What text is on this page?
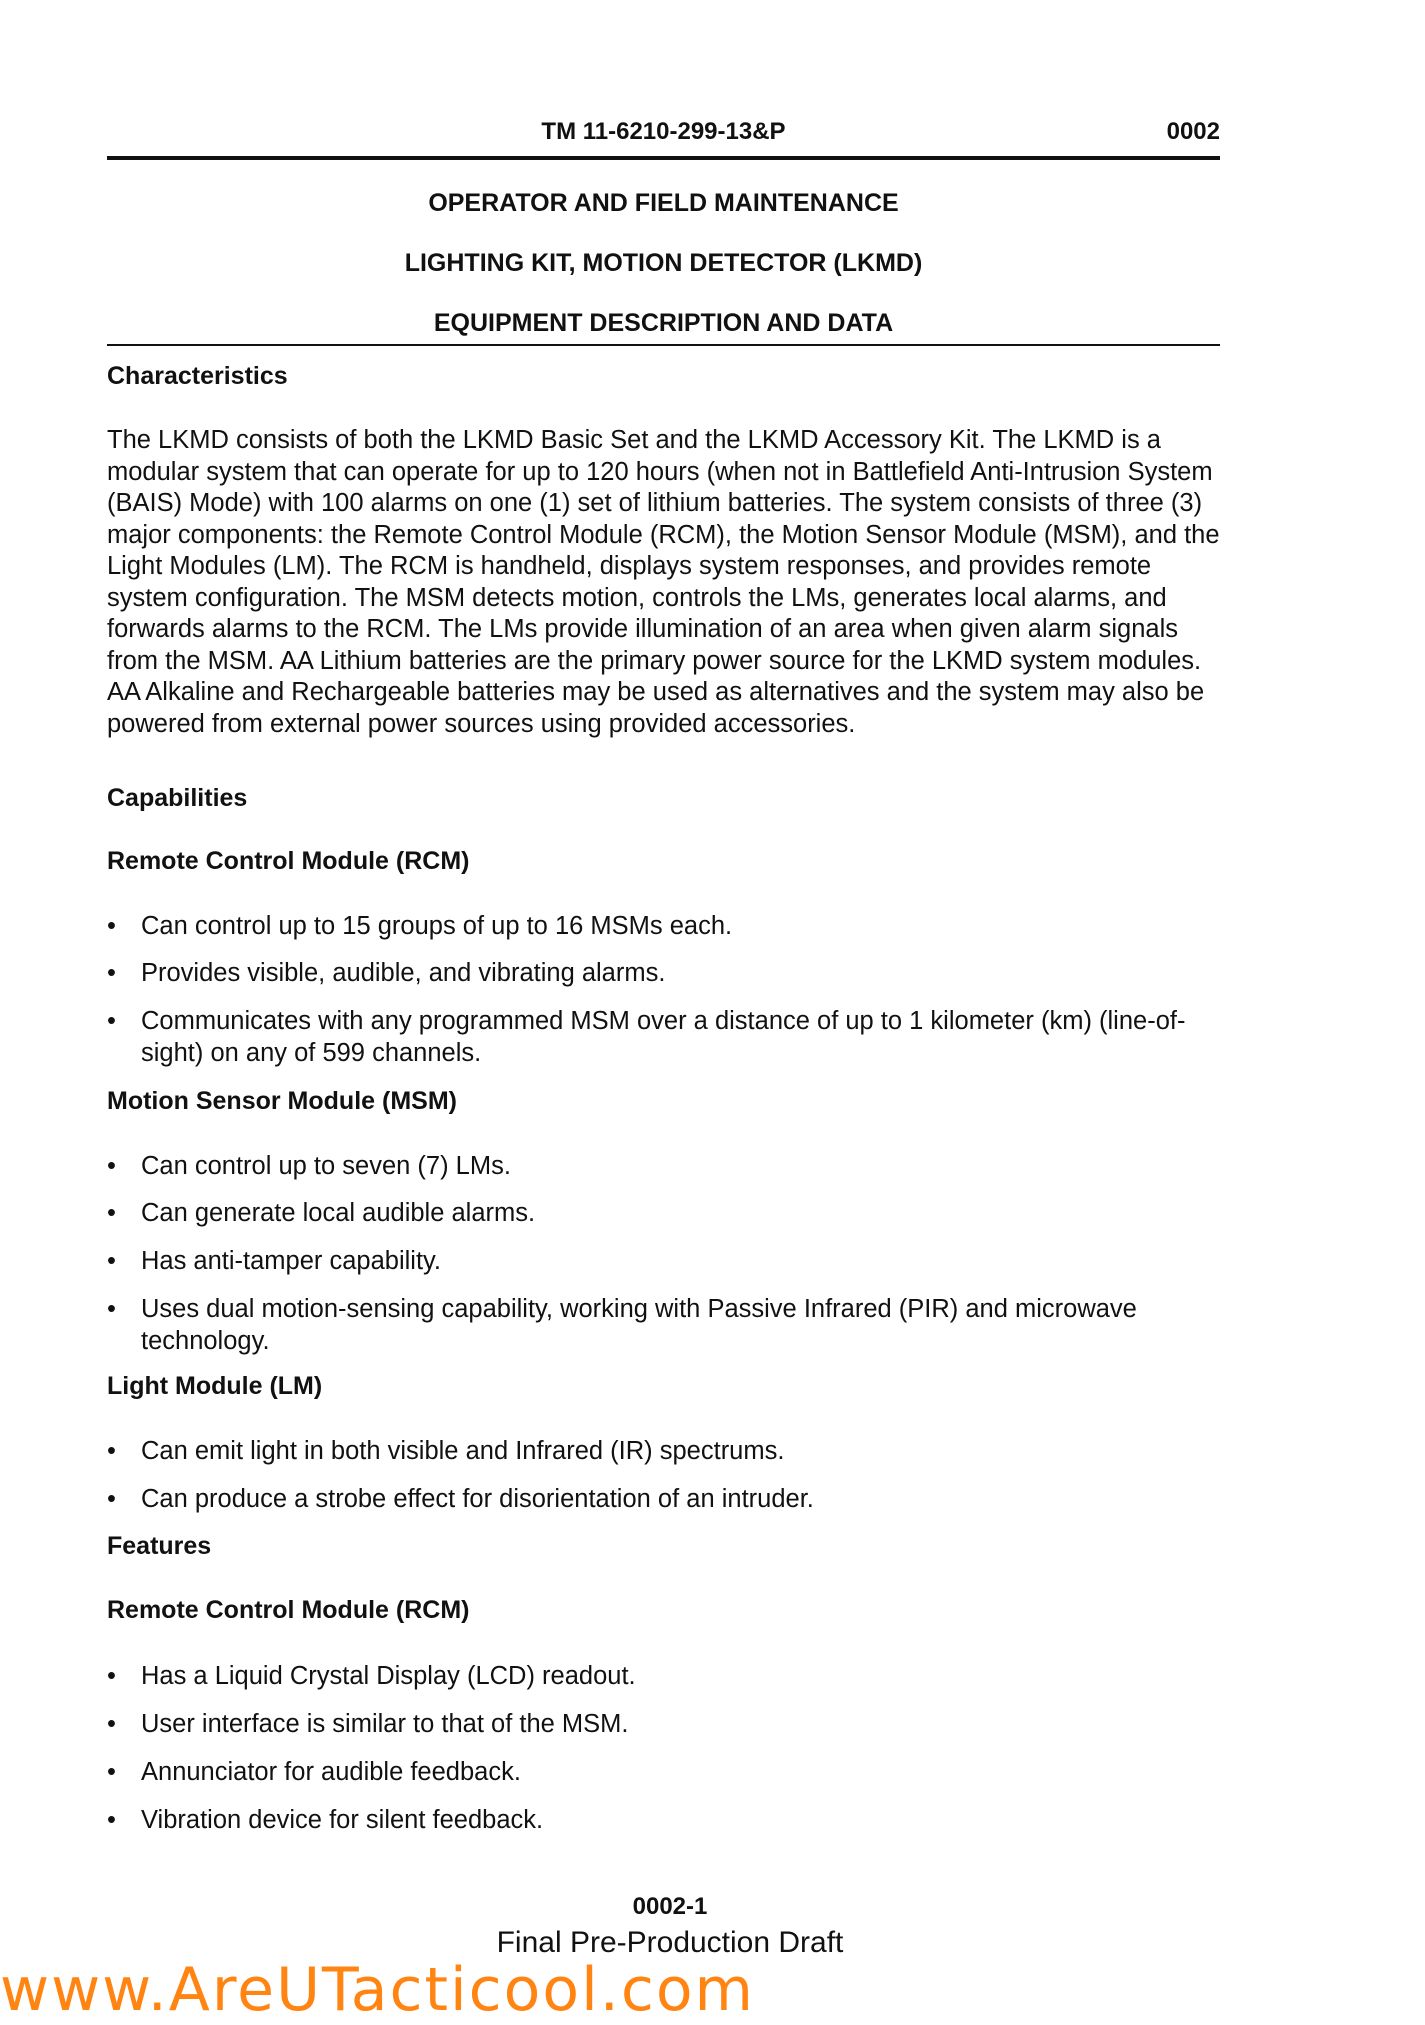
TM 11-6210-299-13&P	0002
OPERATOR AND FIELD MAINTENANCE
LIGHTING KIT, MOTION DETECTOR (LKMD)
EQUIPMENT DESCRIPTION AND DATA
Characteristics

The LKMD consists of both the LKMD Basic Set and the LKMD Accessory Kit. The LKMD is a modular system that can operate for up to 120 hours (when not in Battlefield Anti-Intrusion System (BAIS) Mode) with 100 alarms on one (1) set of lithium batteries. The system consists of three (3) major components: the Remote Control Module (RCM), the Motion Sensor Module (MSM), and the Light Modules (LM). The RCM is handheld, displays system responses, and provides remote system configuration. The MSM detects motion, controls the LMs, generates local alarms, and forwards alarms to the RCM. The LMs provide illumination of an area when given alarm signals from the MSM. AA Lithium batteries are the primary power source for the LKMD system modules. AA Alkaline and Rechargeable batteries may be used as alternatives and the system may also be powered from external power sources using provided accessories.

Capabilities
Remote Control Module (RCM)
• Can control up to 15 groups of up to 16 MSMs each.
• Provides visible, audible, and vibrating alarms.
• Communicates with any programmed MSM over a distance of up to 1 kilometer (km) (line-of-sight) on any of 599 channels.
Motion Sensor Module (MSM)
• Can control up to seven (7) LMs.
• Can generate local audible alarms.
• Has anti-tamper capability.
• Uses dual motion-sensing capability, working with Passive Infrared (PIR) and microwave technology.
Light Module (LM)
• Can emit light in both visible and Infrared (IR) spectrums.
• Can produce a strobe effect for disorientation of an intruder.
Features
Remote Control Module (RCM)
• Has a Liquid Crystal Display (LCD) readout.
• User interface is similar to that of the MSM.
• Annunciator for audible feedback.
• Vibration device for silent feedback.
0002-1
Final Pre-Production Draft
www.AreUTacticool.com
